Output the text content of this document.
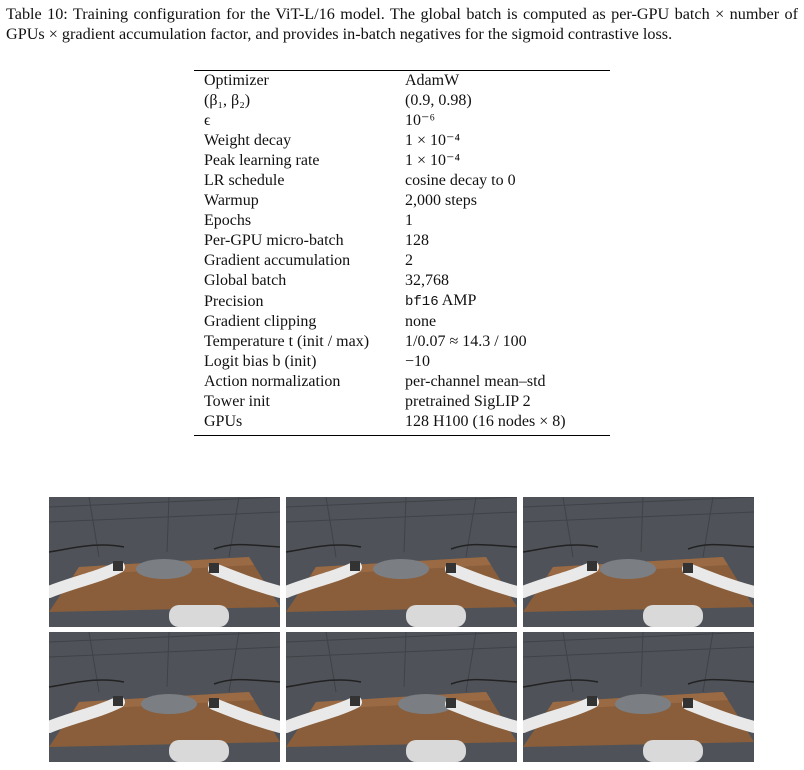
Table 10: Training configuration for the ViT-L/16 model. The global batch is computed as per-GPU batch × number of GPUs × gradient accumulation factor, and provides in-batch negatives for the sigmoid contrastive loss.
Optimizer	AdamW
(β₁, β₂)	(0.9, 0.98)
ϵ	10⁻⁶
Weight decay	1 × 10⁻⁴
Peak learning rate	1 × 10⁻⁴
LR schedule	cosine decay to 0
Warmup	2,000 steps
Epochs	1
Per-GPU micro-batch	128
Gradient accumulation	2
Global batch	32,768
Precision	bf16 AMP
Gradient clipping	none
Temperature t (init / max)	1/0.07 ≈ 14.3 / 100
Logit bias b (init)	−10
Action normalization	per-channel mean–std
Tower init	pretrained SigLIP 2
GPUs	128 H100 (16 nodes × 8)
